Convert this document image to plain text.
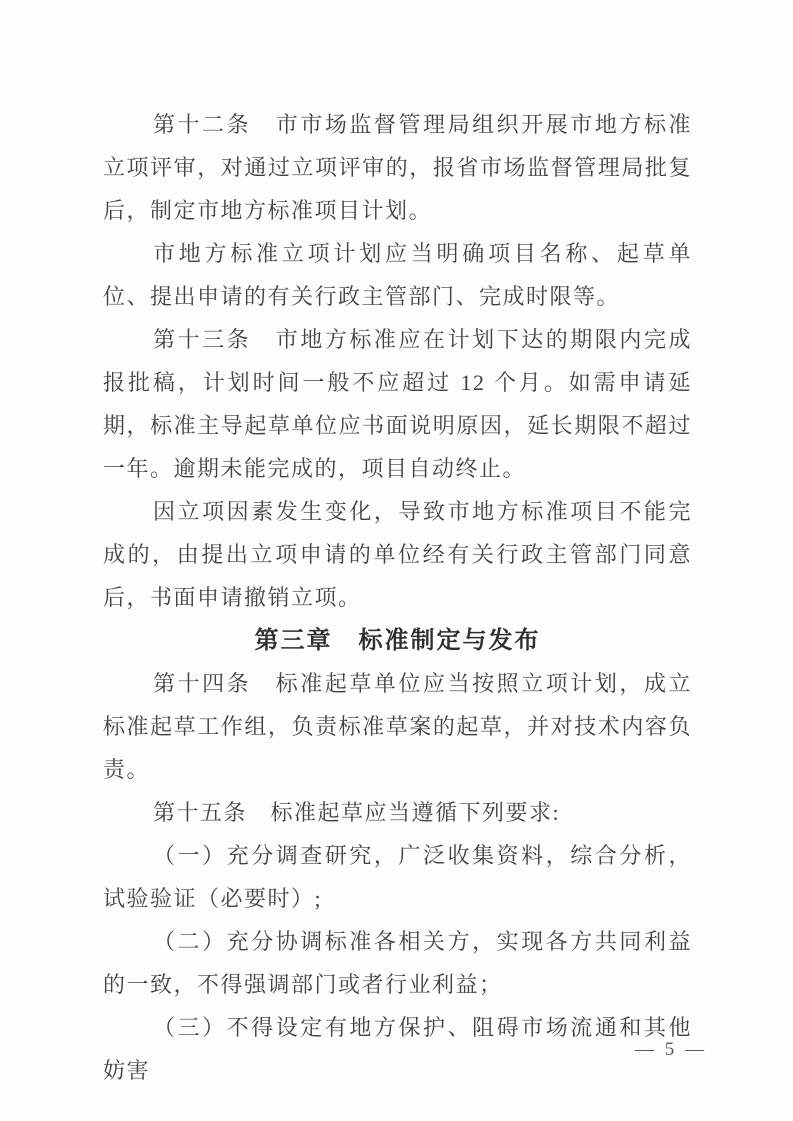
第十二条　市市场监督管理局组织开展市地方标准立项评审，对通过立项评审的，报省市场监督管理局批复后，制定市地方标准项目计划。

市地方标准立项计划应当明确项目名称、起草单位、提出申请的有关行政主管部门、完成时限等。

第十三条　市地方标准应在计划下达的期限内完成报批稿，计划时间一般不应超过 12 个月。如需申请延期，标准主导起草单位应书面说明原因，延长期限不超过一年。逾期未能完成的，项目自动终止。

因立项因素发生变化，导致市地方标准项目不能完成的，由提出立项申请的单位经有关行政主管部门同意后，书面申请撤销立项。

第三章　标准制定与发布

第十四条　标准起草单位应当按照立项计划，成立标准起草工作组，负责标准草案的起草，并对技术内容负责。

第十五条　标准起草应当遵循下列要求:

（一）充分调查研究，广泛收集资料，综合分析，试验验证（必要时）;

（二）充分协调标准各相关方，实现各方共同利益的一致，不得强调部门或者行业利益；

（三）不得设定有地方保护、阻碍市场流通和其他妨害

— 5 —
